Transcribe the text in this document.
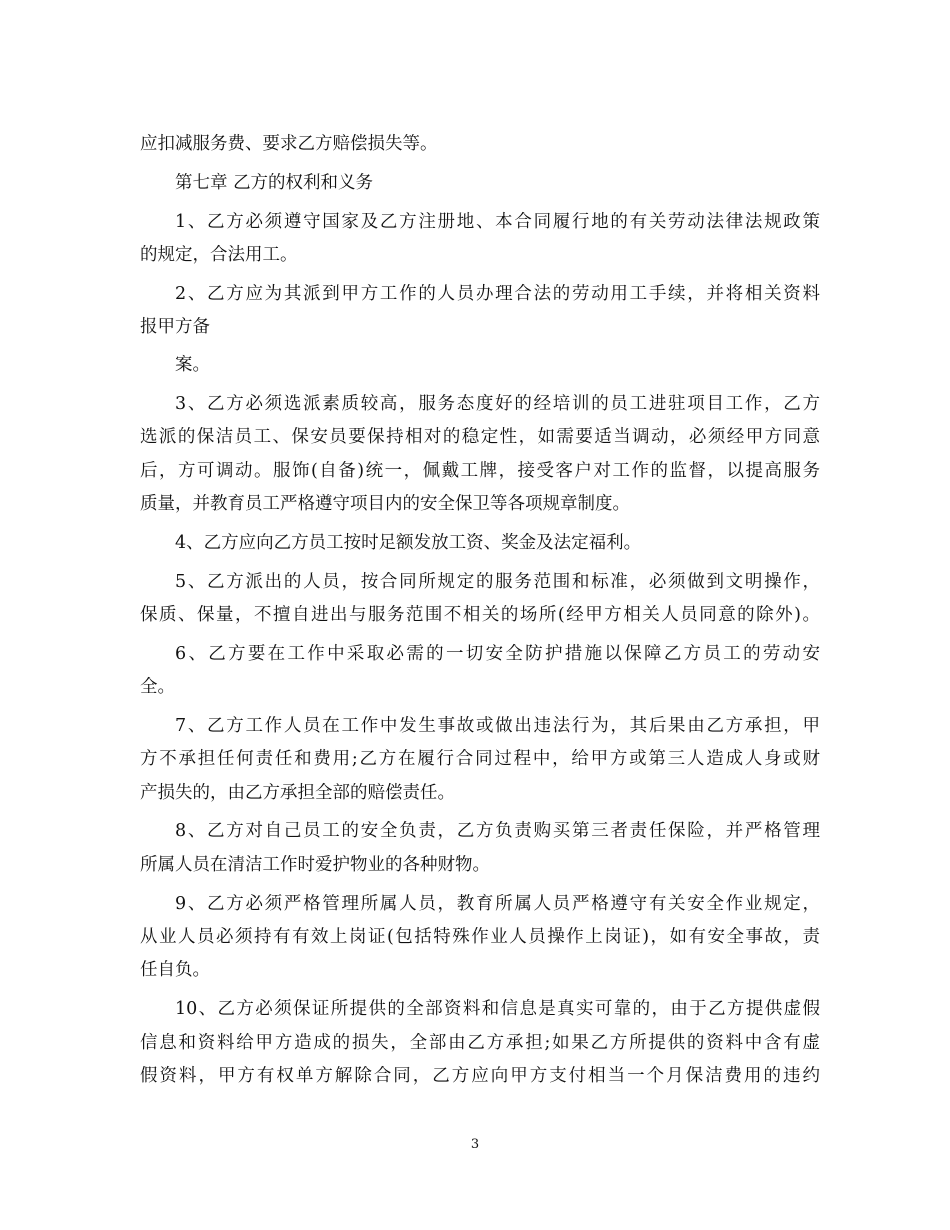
应扣减服务费、要求乙方赔偿损失等。
第七章 乙方的权利和义务
1、乙方必须遵守国家及乙方注册地、本合同履行地的有关劳动法律法规政策
的规定，合法用工。
2、乙方应为其派到甲方工作的人员办理合法的劳动用工手续，并将相关资料
报甲方备
案。
3、乙方必须选派素质较高，服务态度好的经培训的员工进驻项目工作，乙方
选派的保洁员工、保安员要保持相对的稳定性，如需要适当调动，必须经甲方同意
后，方可调动。服饰(自备)统一，佩戴工牌，接受客户对工作的监督，以提高服务
质量，并教育员工严格遵守项目内的安全保卫等各项规章制度。
4、乙方应向乙方员工按时足额发放工资、奖金及法定福利。
5、乙方派出的人员，按合同所规定的服务范围和标准，必须做到文明操作，
保质、保量，不擅自进出与服务范围不相关的场所(经甲方相关人员同意的除外)。
6、乙方要在工作中采取必需的一切安全防护措施以保障乙方员工的劳动安
全。
7、乙方工作人员在工作中发生事故或做出违法行为，其后果由乙方承担，甲
方不承担任何责任和费用;乙方在履行合同过程中，给甲方或第三人造成人身或财
产损失的，由乙方承担全部的赔偿责任。
8、乙方对自己员工的安全负责，乙方负责购买第三者责任保险，并严格管理
所属人员在清洁工作时爱护物业的各种财物。
9、乙方必须严格管理所属人员，教育所属人员严格遵守有关安全作业规定，
从业人员必须持有有效上岗证(包括特殊作业人员操作上岗证)，如有安全事故，责
任自负。
10、乙方必须保证所提供的全部资料和信息是真实可靠的，由于乙方提供虚假
信息和资料给甲方造成的损失，全部由乙方承担;如果乙方所提供的资料中含有虚
假资料，甲方有权单方解除合同，乙方应向甲方支付相当一个月保洁费用的违约
3
